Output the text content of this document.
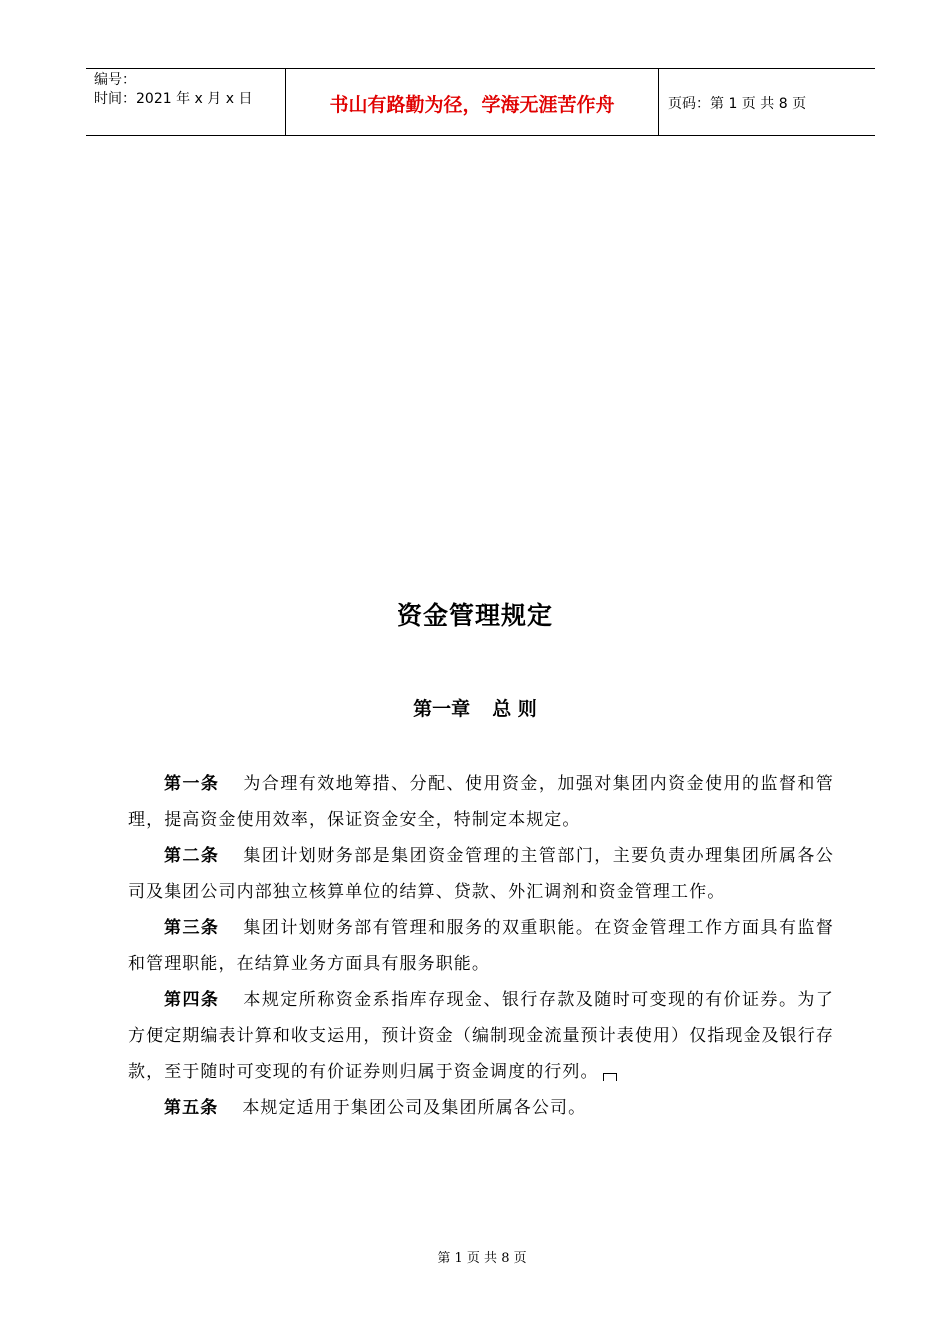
编号：
时间：2021 年 x 月 x 日	书山有路勤为径，学海无涯苦作舟	页码：第 1 页 共 8 页
资金管理规定
第一章 总 则

第一条 为合理有效地筹措、分配、使用资金，加强对集团内资金使用的监督和管理，提高资金使用效率，保证资金安全，特制定本规定。

第二条 集团计划财务部是集团资金管理的主管部门，主要负责办理集团所属各公司及集团公司内部独立核算单位的结算、贷款、外汇调剂和资金管理工作。

第三条 集团计划财务部有管理和服务的双重职能。在资金管理工作方面具有监督和管理职能，在结算业务方面具有服务职能。

第四条 本规定所称资金系指库存现金、银行存款及随时可变现的有价证券。为了方便定期编表计算和收支运用，预计资金（编制现金流量预计表使用）仅指现金及银行存款，至于随时可变现的有价证券则归属于资金调度的行列。

第五条 本规定适用于集团公司及集团所属各公司。

第 1 页 共 8 页
